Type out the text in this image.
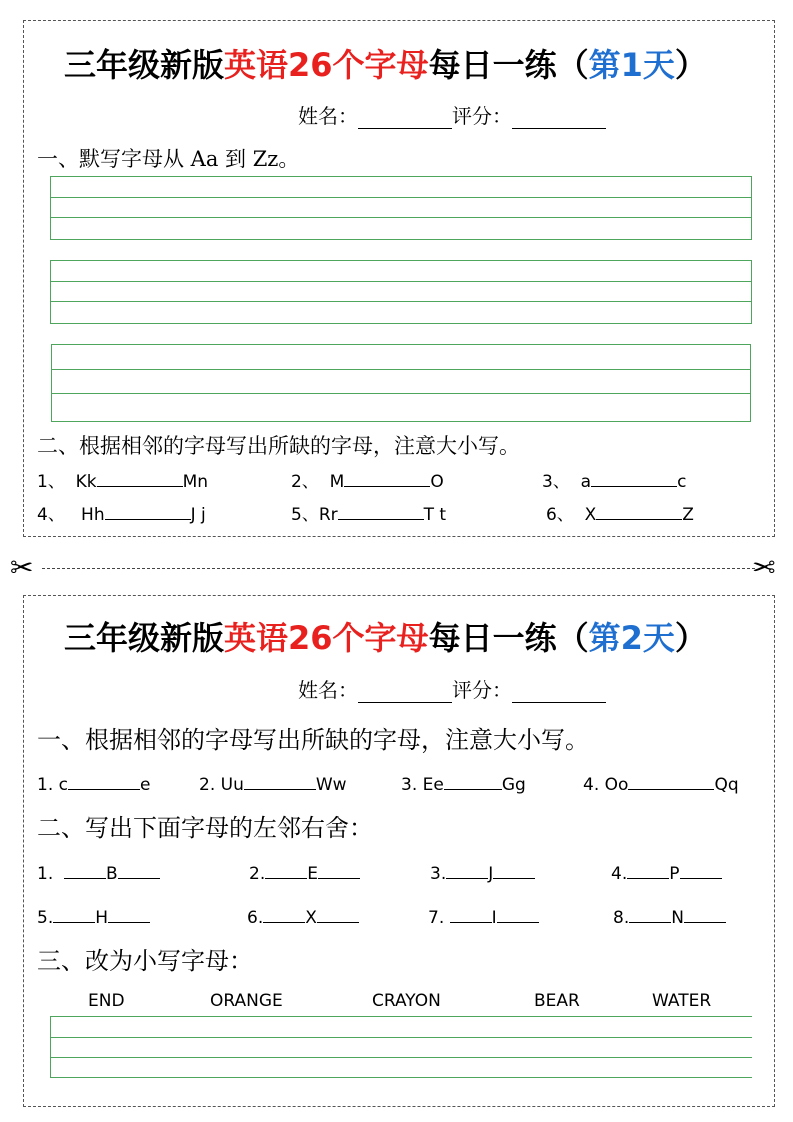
三年级新版英语26个字母每日一练（第1天）
姓名：	评分：
一、默写字母从 Aa 到 Zz。
二、根据相邻的字母写出所缺的字母，注意大小写。
1、 Kk	Mn	2、 M	O	3、 a	c
4、 Hh	J j	5、Rr	T t	6、 X	Z
✂	✂
三年级新版英语26个字母每日一练（第2天）
姓名：	评分：
一、根据相邻的字母写出所缺的字母，注意大小写。
1. c	e	2. Uu	Ww	3. Ee	Gg	4. Oo	Qq
二、写出下面字母的左邻右舍：
1.	B	2. E	3. J	4. P
5. H	6. X	7.	I	8. N
三、改为小写字母：
END	ORANGE	CRAYON	BEAR	WATER
